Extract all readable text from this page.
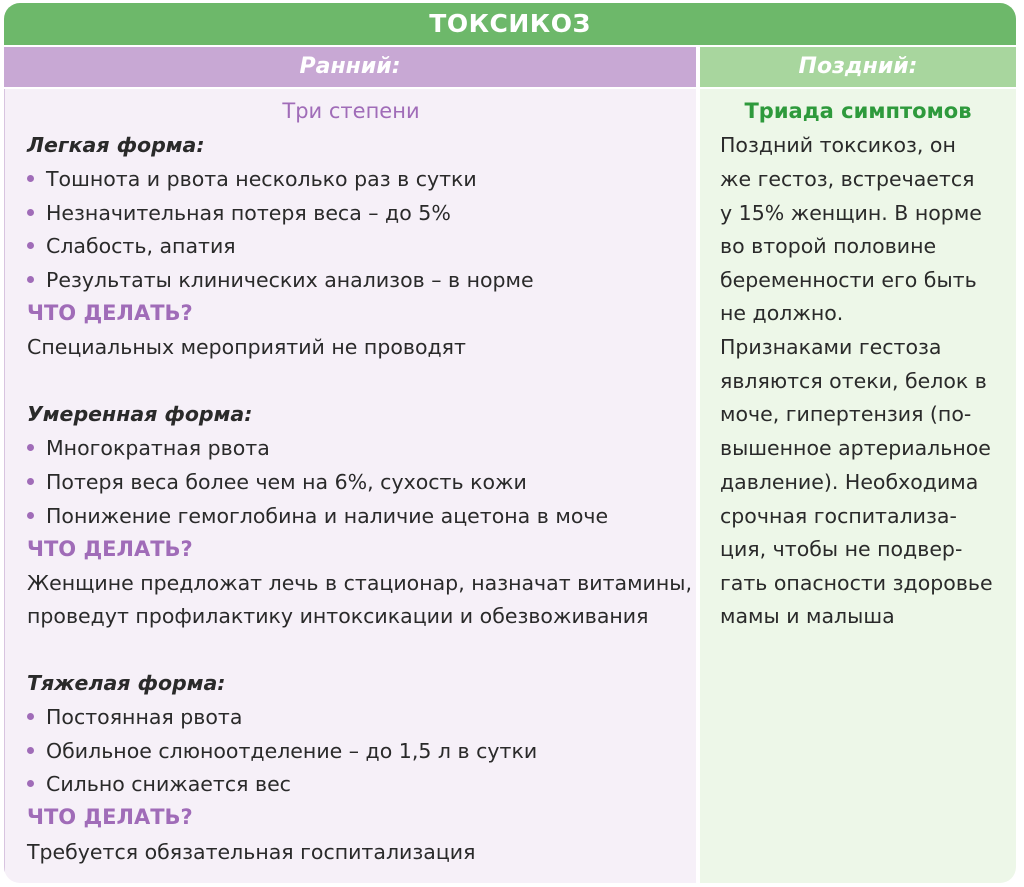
ТОКСИКОЗ
Ранний:	Поздний:
Три степени
Легкая форма:
Тошнота и рвота несколько раз в сутки
Незначительная потеря веса – до 5%
Слабость, апатия
Результаты клинических анализов – в норме
ЧТО ДЕЛАТЬ?
Специальных мероприятий не проводят
Умеренная форма:
Многократная рвота
Потеря веса более чем на 6%, сухость кожи
Понижение гемоглобина и наличие ацетона в моче
ЧТО ДЕЛАТЬ?
Женщине предложат лечь в стационар, назначат витамины,
проведут профилактику интоксикации и обезвоживания
Тяжелая форма:
Постоянная рвота
Обильное слюноотделение – до 1,5 л в сутки
Сильно снижается вес
ЧТО ДЕЛАТЬ?
Требуется обязательная госпитализация
Триада симптомов
Поздний токсикоз, он
же гестоз, встречается
у 15% женщин. В норме
во второй половине
беременности его быть
не должно.
Признаками гестоза
являются отеки, белок в
моче, гипертензия (по-
вышенное артериальное
давление). Необходима
срочная госпитализа-
ция, чтобы не подвер-
гать опасности здоровье
мамы и малыша
